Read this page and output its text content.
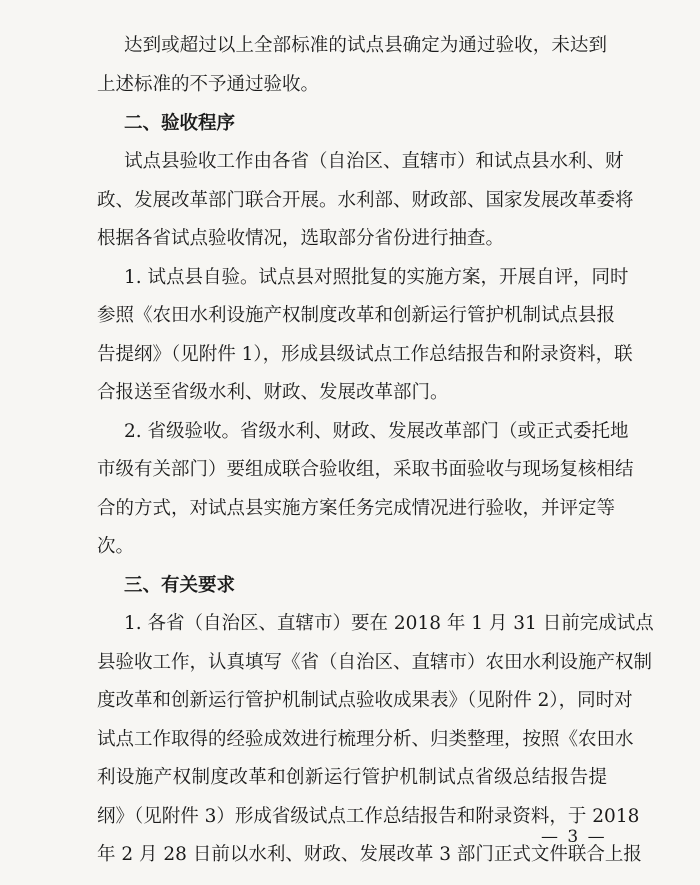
达到或超过以上全部标准的试点县确定为通过验收，未达到
上述标准的不予通过验收。
二、验收程序
试点县验收工作由各省（自治区、直辖市）和试点县水利、财
政、发展改革部门联合开展。水利部、财政部、国家发展改革委将
根据各省试点验收情况，选取部分省份进行抽查。
1. 试点县自验。试点县对照批复的实施方案，开展自评，同时
参照《农田水利设施产权制度改革和创新运行管护机制试点县报
告提纲》（见附件 1），形成县级试点工作总结报告和附录资料，联
合报送至省级水利、财政、发展改革部门。
2. 省级验收。省级水利、财政、发展改革部门（或正式委托地
市级有关部门）要组成联合验收组，采取书面验收与现场复核相结
合的方式，对试点县实施方案任务完成情况进行验收，并评定等
次。
三、有关要求
1. 各省（自治区、直辖市）要在 2018 年 1 月 31 日前完成试点
县验收工作，认真填写《省（自治区、直辖市）农田水利设施产权制
度改革和创新运行管护机制试点验收成果表》（见附件 2），同时对
试点工作取得的经验成效进行梳理分析、归类整理，按照《农田水
利设施产权制度改革和创新运行管护机制试点省级总结报告提
纲》（见附件 3）形成省级试点工作总结报告和附录资料，于 2018
年 2 月 28 日前以水利、财政、发展改革 3 部门正式文件联合上报
— 3 —
